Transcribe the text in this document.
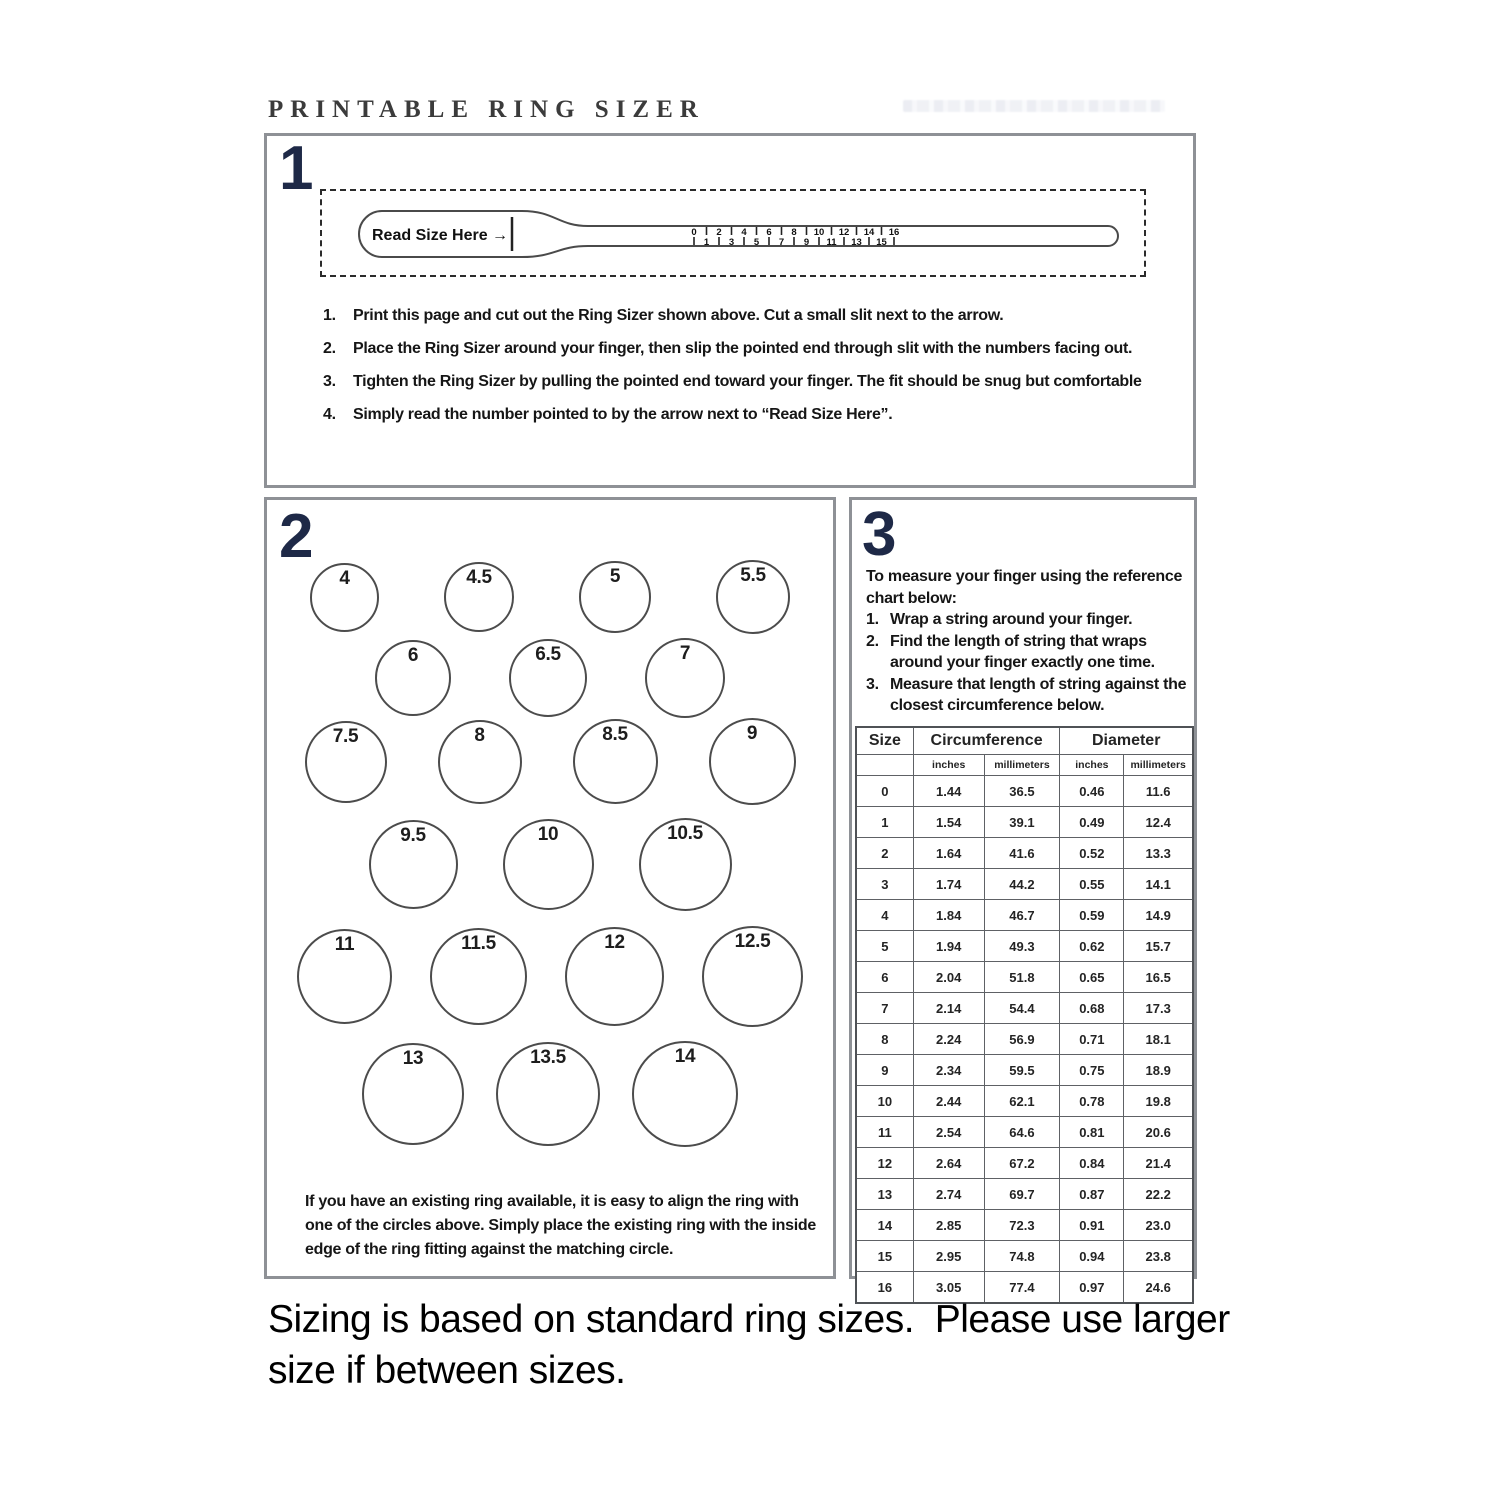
PRINTABLE RING SIZER
1
Read Size Here →	0
1
2
3
4
5
6
7
8
9
10
11
12
13
14
15
16
1.	Print this page and cut out the Ring Sizer shown above. Cut a small slit next to the arrow.
2.	Place the Ring Sizer around your finger, then slip the pointed end through slit with the numbers facing out.
3.	Tighten the Ring Sizer by pulling the pointed end toward your finger. The fit should be snug but comfortable
4.	Simply read the number pointed to by the arrow next to “Read Size Here”.
2
4	4.5	5	5.5
6	6.5	7
7.5	8	8.5	9
9.5	10	10.5
11	11.5	12	12.5
13	13.5	14

If you have an existing ring available, it is easy to align the ring with one of the circles above. Simply place the existing ring with the inside edge of the ring fitting against the matching circle.

3

To measure your finger using the reference chart below:

1. Wrap a string around your finger.
2. Find the length of string that wraps around your finger exactly one time.
3. Measure that length of string against the closest circumference below.
Size	Circumference		Diameter	
	inches	millimeters	inches	millimeters
0	1.44	36.5	0.46	11.6
1	1.54	39.1	0.49	12.4
2	1.64	41.6	0.52	13.3
3	1.74	44.2	0.55	14.1
4	1.84	46.7	0.59	14.9
5	1.94	49.3	0.62	15.7
6	2.04	51.8	0.65	16.5
7	2.14	54.4	0.68	17.3
8	2.24	56.9	0.71	18.1
9	2.34	59.5	0.75	18.9
10	2.44	62.1	0.78	19.8
11	2.54	64.6	0.81	20.6
12	2.64	67.2	0.84	21.4
13	2.74	69.7	0.87	22.2
14	2.85	72.3	0.91	23.0
15	2.95	74.8	0.94	23.8
16	3.05	77.4	0.97	24.6
Sizing is based on standard ring sizes.  Please use larger size if between sizes.
